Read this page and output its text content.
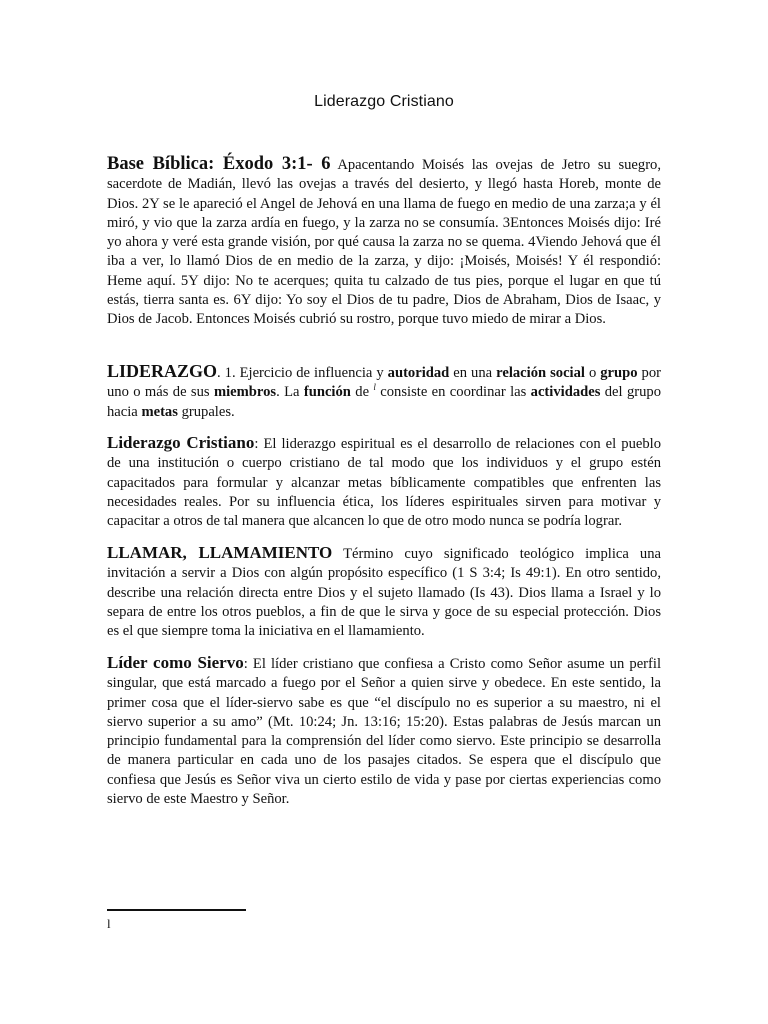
Liderazgo Cristiano

Base Bíblica: Éxodo 3:1- 6 Apacentando Moisés las ovejas de Jetro su suegro, sacerdote de Madián, llevó las ovejas a través del desierto, y llegó hasta Horeb, monte de Dios. 2Y se le apareció el Angel de Jehová en una llama de fuego en medio de una zarza;a y él miró, y vio que la zarza ardía en fuego, y la zarza no se consumía. 3Entonces Moisés dijo: Iré yo ahora y veré esta grande visión, por qué causa la zarza no se quema. 4Viendo Jehová que él iba a ver, lo llamó Dios de en medio de la zarza, y dijo: ¡Moisés, Moisés! Y él respondió: Heme aquí. 5Y dijo: No te acerques; quita tu calzado de tus pies, porque el lugar en que tú estás, tierra santa es. 6Y dijo: Yo soy el Dios de tu padre, Dios de Abraham, Dios de Isaac, y Dios de Jacob. Entonces Moisés cubrió su rostro, porque tuvo miedo de mirar a Dios.

LIDERAZGO. 1. Ejercicio de influencia y autoridad en una relación social o grupo por uno o más de sus miembros. La función de $^l$ consiste en coordinar las actividades del grupo hacia metas grupales.

Liderazgo Cristiano: El liderazgo espiritual es el desarrollo de relaciones con el pueblo de una institución o cuerpo cristiano de tal modo que los individuos y el grupo estén capacitados para formular y alcanzar metas bíblicamente compatibles que enfrenten las necesidades reales. Por su influencia ética, los líderes espirituales sirven para motivar y capacitar a otros de tal manera que alcancen lo que de otro modo nunca se podría lograr.

LLAMAR, LLAMAMIENTO Término cuyo significado teológico implica una invitación a servir a Dios con algún propósito específico (1 S 3:4; Is 49:1). En otro sentido, describe una relación directa entre Dios y el sujeto llamado (Is 43). Dios llama a Israel y lo separa de entre los otros pueblos, a fin de que le sirva y goce de su especial protección. Dios es el que siempre toma la iniciativa en el llamamiento.

Líder como Siervo: El líder cristiano que confiesa a Cristo como Señor asume un perfil singular, que está marcado a fuego por el Señor a quien sirve y obedece. En este sentido, la primer cosa que el líder-siervo sabe es que “el discípulo no es superior a su maestro, ni el siervo superior a su amo” (Mt. 10:24; Jn. 13:16; 15:20). Estas palabras de Jesús marcan un principio fundamental para la comprensión del líder como siervo. Este principio se desarrolla de manera particular en cada uno de los pasajes citados. Se espera que el discípulo que confiesa que Jesús es Señor viva un cierto estilo de vida y pase por ciertas experiencias como siervo de este Maestro y Señor.

l
